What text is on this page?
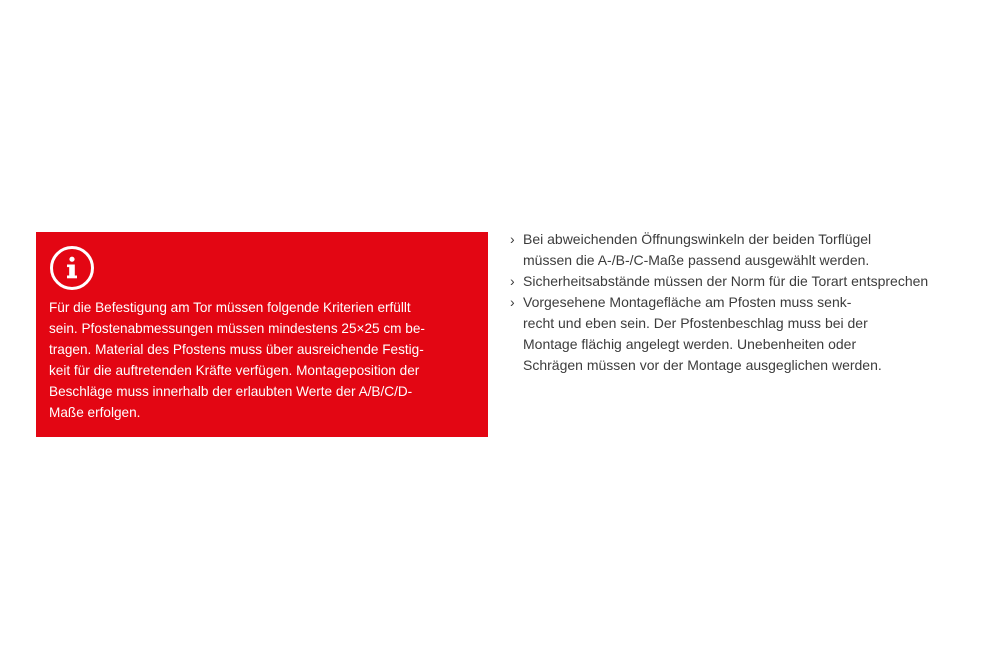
Für die Befestigung am Tor müssen folgende Kriterien erfüllt
sein. Pfostenabmessungen müssen mindestens 25×25 cm be-
tragen. Material des Pfostens muss über ausreichende Festig-
keit für die auftretenden Kräfte verfügen. Montageposition der
Beschläge muss innerhalb der erlaubten Werte der A/B/C/D-
Maße erfolgen.

› Bei abweichenden Öffnungswinkeln der beiden Torflügel
müssen die A-/B-/C-Maße passend ausgewählt werden.
› Sicherheitsabstände müssen der Norm für die Torart entsprechen
› Vorgesehene Montagefläche am Pfosten muss senk-
recht und eben sein. Der Pfostenbeschlag muss bei der
Montage flächig angelegt werden. Unebenheiten oder
Schrägen müssen vor der Montage ausgeglichen werden.
